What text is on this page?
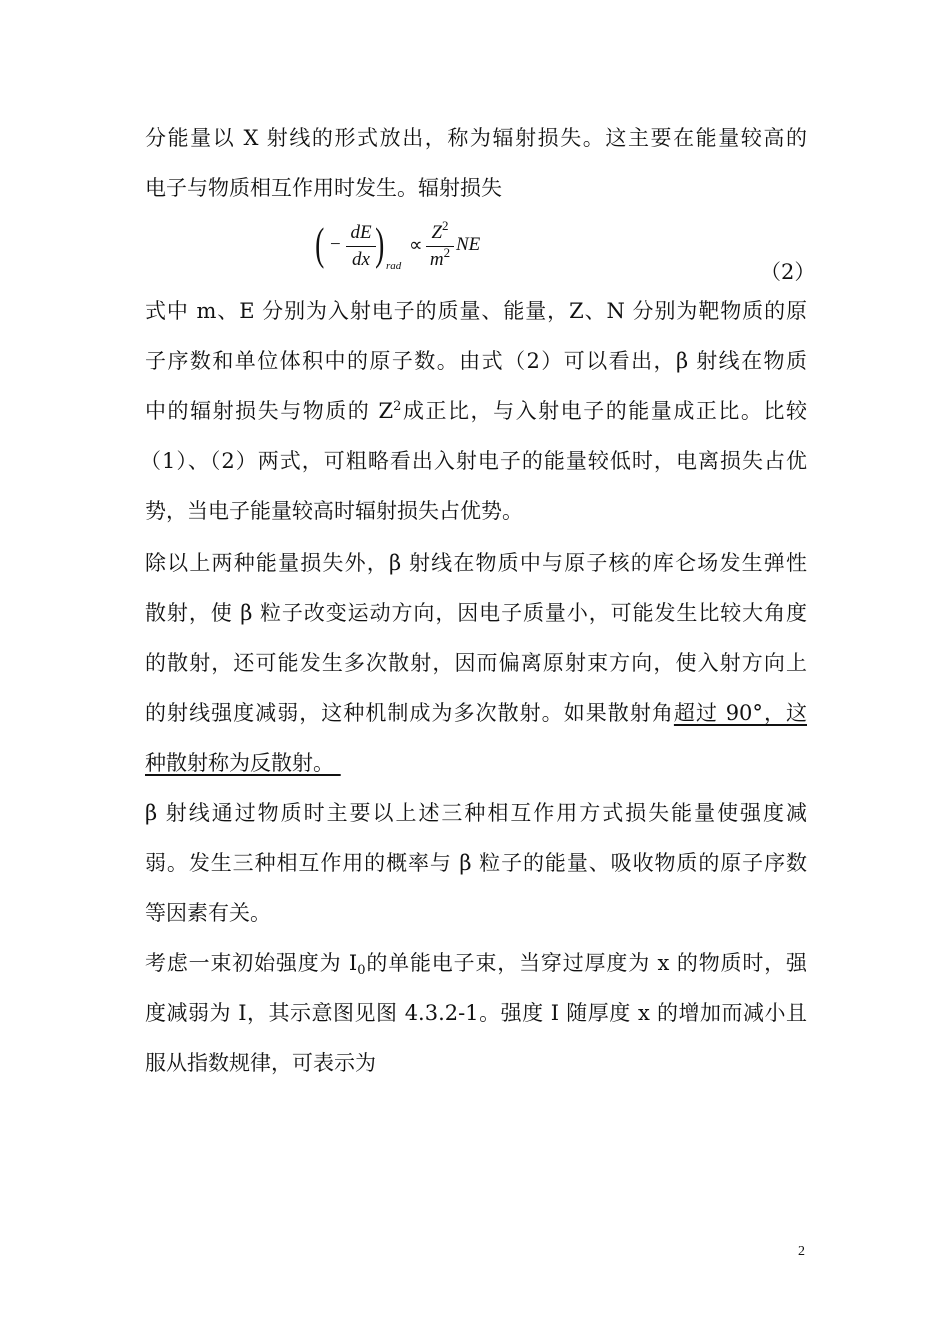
分能量以 X 射线的形式放出，称为辐射损失。这主要在能量较高的
电子与物质相互作用时发生。辐射损失
( −
dE
dx ) rad
∝
$Z^2$
$m^2$ NE
（2）
式中 m、E 分别为入射电子的质量、能量，Z、N 分别为靶物质的原
子序数和单位体积中的原子数。由式（2）可以看出，β 射线在物质
中的辐射损失与物质的 $Z^2$成正比，与入射电子的能量成正比。比较
（1）、（2）两式，可粗略看出入射电子的能量较低时，电离损失占优
势，当电子能量较高时辐射损失占优势。
除以上两种能量损失外，β 射线在物质中与原子核的库仑场发生弹性
散射，使 β 粒子改变运动方向，因电子质量小，可能发生比较大角度
的散射，还可能发生多次散射，因而偏离原射束方向，使入射方向上
的射线强度减弱，这种机制成为多次散射。如果散射角超过 90°，这
种散射称为反散射。
β 射线通过物质时主要以上述三种相互作用方式损失能量使强度减
弱。发生三种相互作用的概率与 β 粒子的能量、吸收物质的原子序数
等因素有关。
考虑一束初始强度为 $I_0$的单能电子束，当穿过厚度为 x 的物质时，强
度减弱为 I，其示意图见图 4.3.2-1。强度 I 随厚度 x 的增加而减小且
服从指数规律，可表示为
2
